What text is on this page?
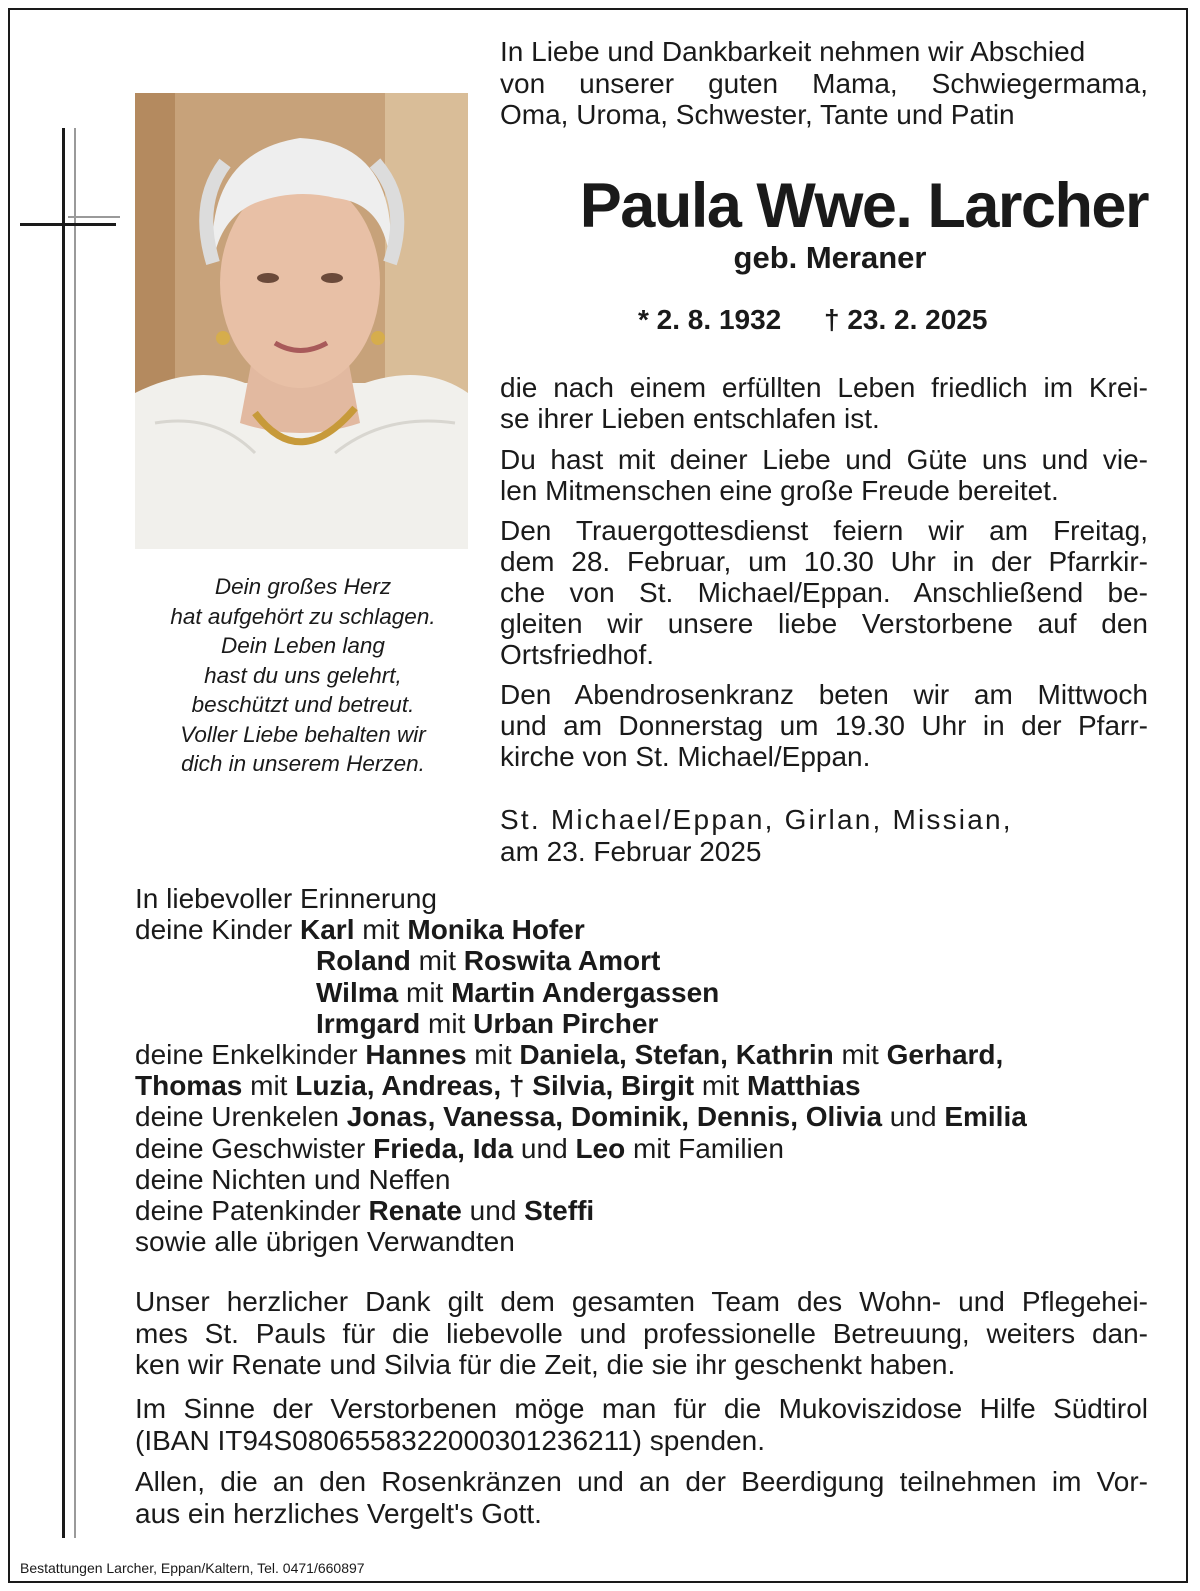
Dein großes Herz
hat aufgehört zu schlagen.
Dein Leben lang
hast du uns gelehrt,
beschützt und betreut.
Voller Liebe behalten wir
dich in unserem Herzen.
In Liebe und Dankbarkeit nehmen wir Abschied
von unserer guten Mama, Schwiegermama,
Oma, Uroma, Schwester, Tante und Patin
Paula Wwe. Larcher
geb. Meraner
* 2. 8. 1932 † 23. 2. 2025
die nach einem erfüllten Leben friedlich im Krei-
se ihrer Lieben entschlafen ist.
Du hast mit deiner Liebe und Güte uns und vie-
len Mitmenschen eine große Freude bereitet.
Den Trauergottesdienst feiern wir am Freitag,
dem 28. Februar, um 10.30 Uhr in der Pfarrkir-
che von St. Michael/Eppan. Anschließend be-
gleiten wir unsere liebe Verstorbene auf den
Ortsfriedhof.
Den Abendrosenkranz beten wir am Mittwoch
und am Donnerstag um 19.30 Uhr in der Pfarr-
kirche von St. Michael/Eppan.
St. Michael/Eppan, Girlan, Missian,
am 23. Februar 2025
In liebevoller Erinnerung
deine Kinder Karl mit Monika Hofer
Roland mit Roswita Amort
Wilma mit Martin Andergassen
Irmgard mit Urban Pircher
deine Enkelkinder Hannes mit Daniela, Stefan, Kathrin mit Gerhard,
Thomas mit Luzia, Andreas, † Silvia, Birgit mit Matthias
deine Urenkelen Jonas, Vanessa, Dominik, Dennis, Olivia und Emilia
deine Geschwister Frieda, Ida und Leo mit Familien
deine Nichten und Neffen
deine Patenkinder Renate und Steffi
sowie alle übrigen Verwandten
Unser herzlicher Dank gilt dem gesamten Team des Wohn- und Pflegehei-
mes St. Pauls für die liebevolle und professionelle Betreuung, weiters dan-
ken wir Renate und Silvia für die Zeit, die sie ihr geschenkt haben.
Im Sinne der Verstorbenen möge man für die Mukoviszidose Hilfe Südtirol
(IBAN IT94S0806558322000301236211) spenden.
Allen, die an den Rosenkränzen und an der Beerdigung teilnehmen im Vor-
aus ein herzliches Vergelt's Gott.
Bestattungen Larcher, Eppan/Kaltern, Tel. 0471/660897
